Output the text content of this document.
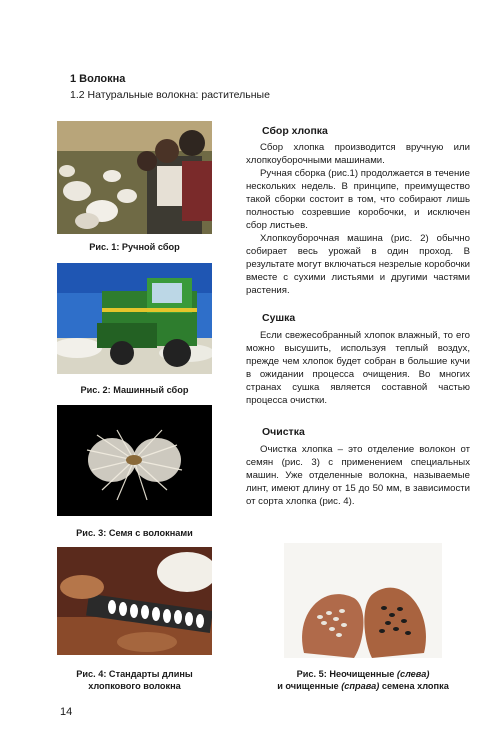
1 Волокна
1.2 Натуральные волокна: растительные
Рис. 1: Ручной сбор
Рис. 2: Машинный сбор
Рис. 3: Семя с волокнами
Рис. 4: Стандарты длины
хлопкового волокна
Рис. 5: Неочищенные (слева)
и очищенные (справа) семена хлопка
Сбор хлопка

Сбор хлопка производится вручную или хлопкоуборочными машинами.

Ручная сборка (рис.1) продолжается в течение нескольких недель. В принципе, преимущество такой сборки состоит в том, что собирают лишь полностью созревшие коробочки, и исключен сбор листьев.

Хлопкоуборочная машина (рис. 2) обычно собирает весь урожай в один проход. В результате могут включаться незрелые коробочки вместе с сухими листьями и другими частями растения.

Сушка

Если свежесобранный хлопок влажный, то его можно высушить, используя теплый воздух, прежде чем хлопок будет собран в большие кучи в ожидании процесса очищения. Во многих странах сушка является составной частью процесса очистки.

Очистка

Очистка хлопка – это отделение волокон от семян (рис. 3) с применением специальных машин. Уже отделенные волокна, называемые линт, имеют длину от 15 до 50 мм, в зависимости от сорта хлопка (рис. 4).

14
